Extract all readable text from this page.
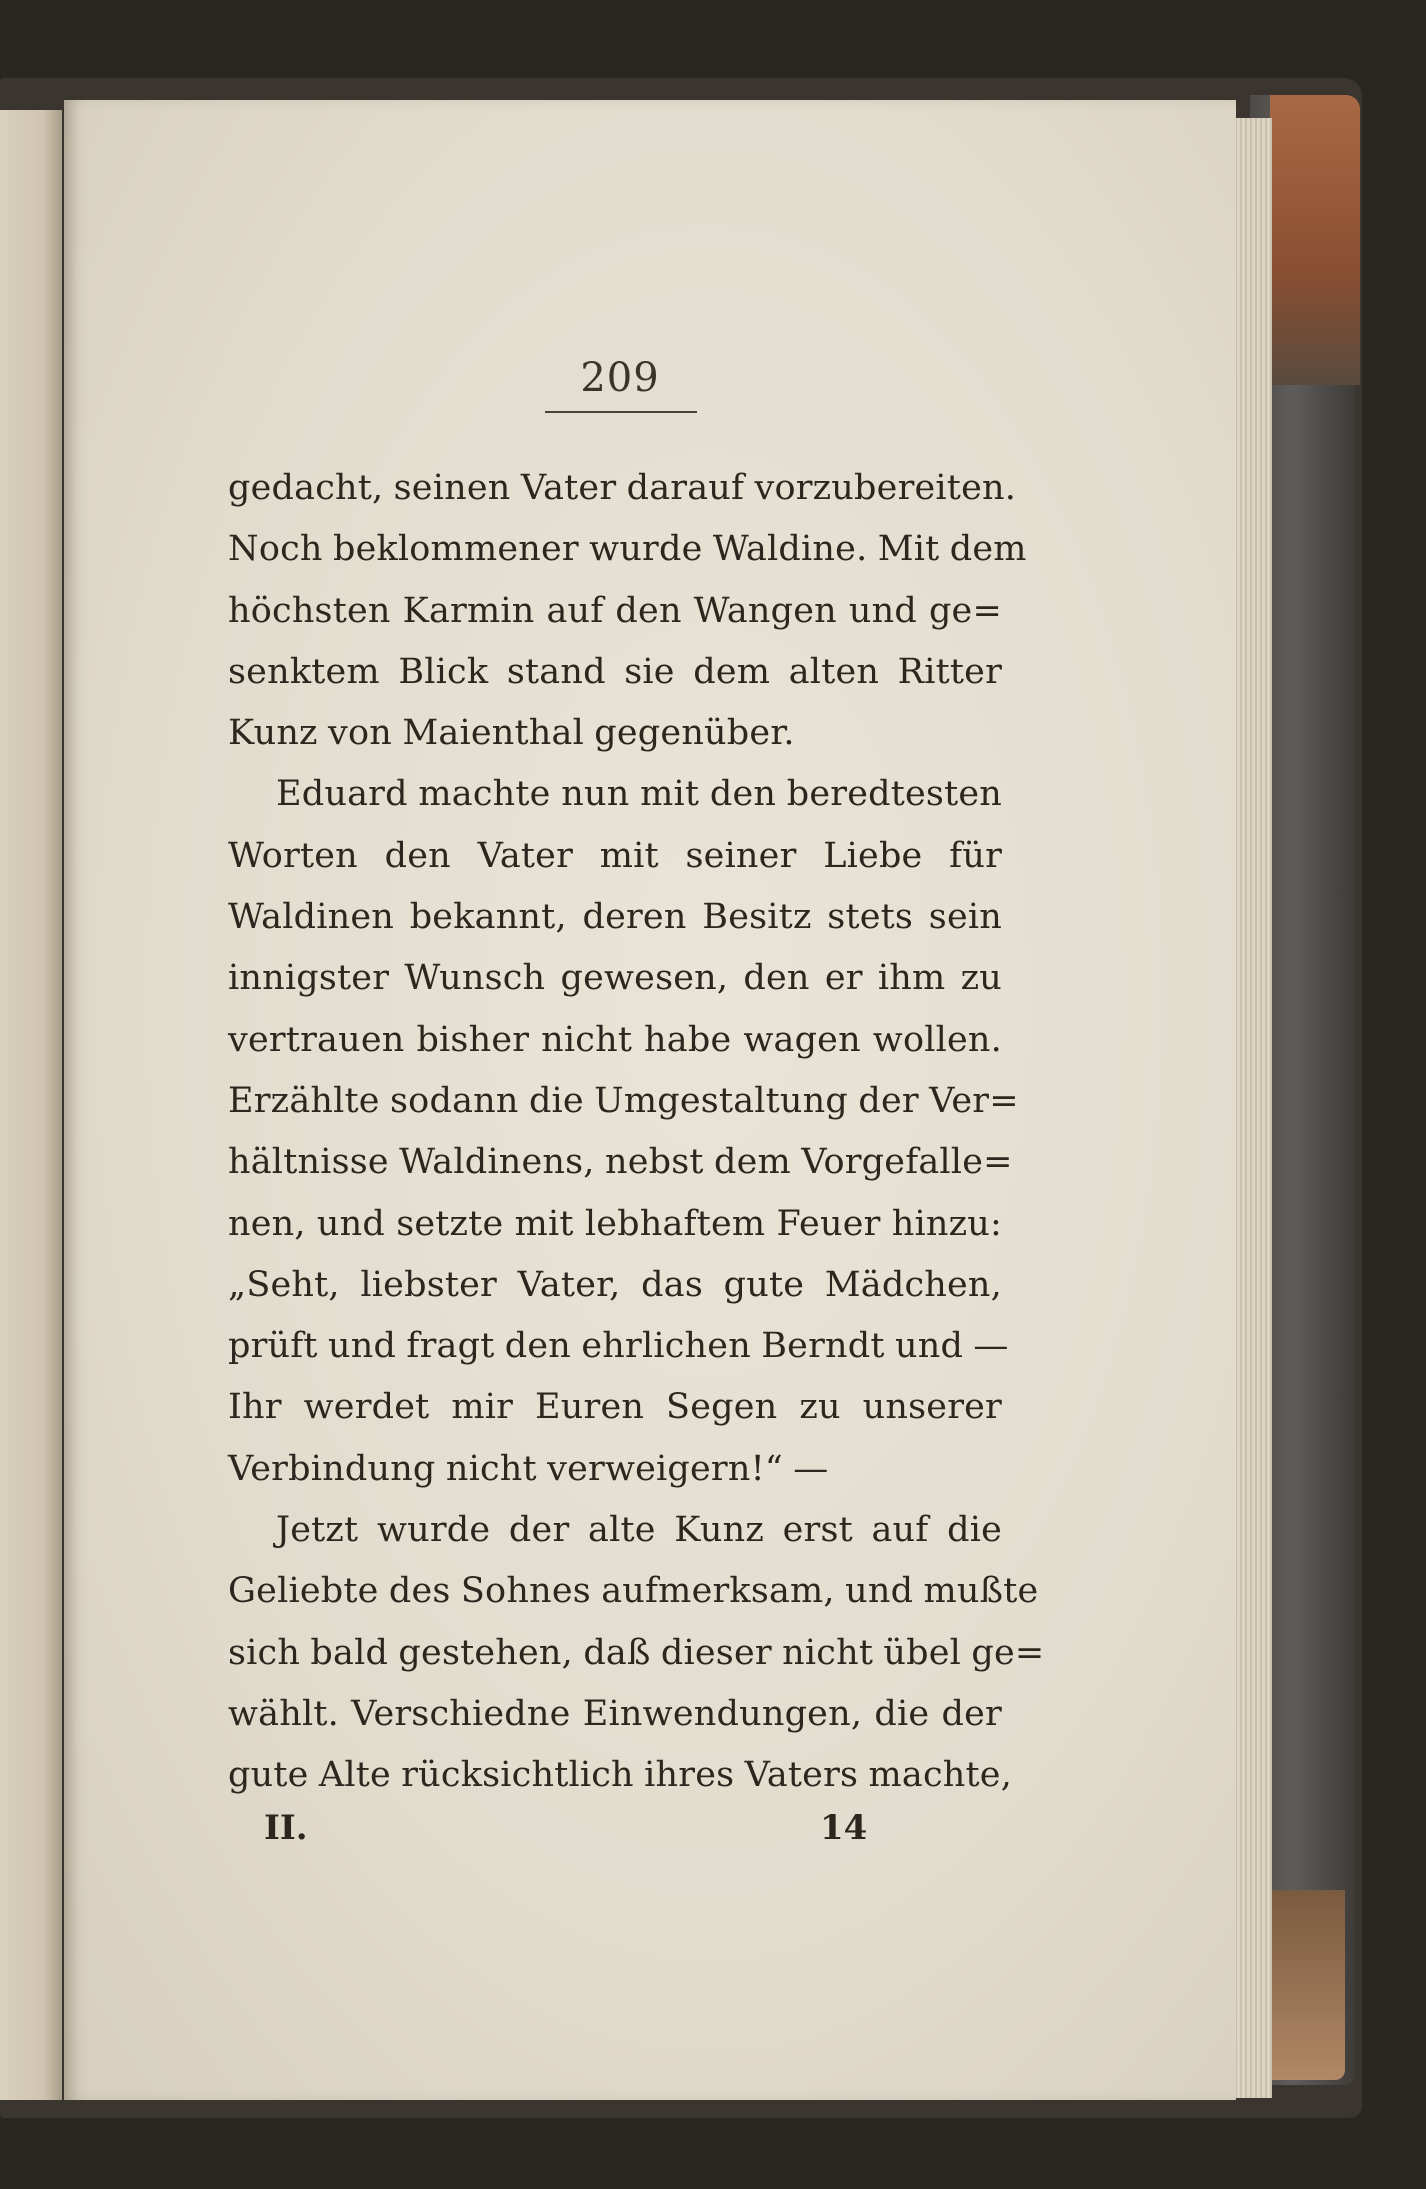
209
gedacht, seinen Vater darauf vorzubereiten.
Noch beklommener wurde Waldine. Mit dem
höchsten Karmin auf den Wangen und ge=
senktem Blick stand sie dem alten Ritter
Kunz von Maienthal gegenüber.
Eduard machte nun mit den beredtesten
Worten den Vater mit seiner Liebe für
Waldinen bekannt, deren Besitz stets sein
innigster Wunsch gewesen, den er ihm zu
vertrauen bisher nicht habe wagen wollen.
Erzählte sodann die Umgestaltung der Ver=
hältnisse Waldinens, nebst dem Vorgefalle=
nen, und setzte mit lebhaftem Feuer hinzu:
„Seht, liebster Vater, das gute Mädchen,
prüft und fragt den ehrlichen Berndt und —
Ihr werdet mir Euren Segen zu unserer
Verbindung nicht verweigern!“ —
Jetzt wurde der alte Kunz erst auf die
Geliebte des Sohnes aufmerksam, und mußte
sich bald gestehen, daß dieser nicht übel ge=
wählt. Verschiedne Einwendungen, die der
gute Alte rücksichtlich ihres Vaters machte,
II.	14
